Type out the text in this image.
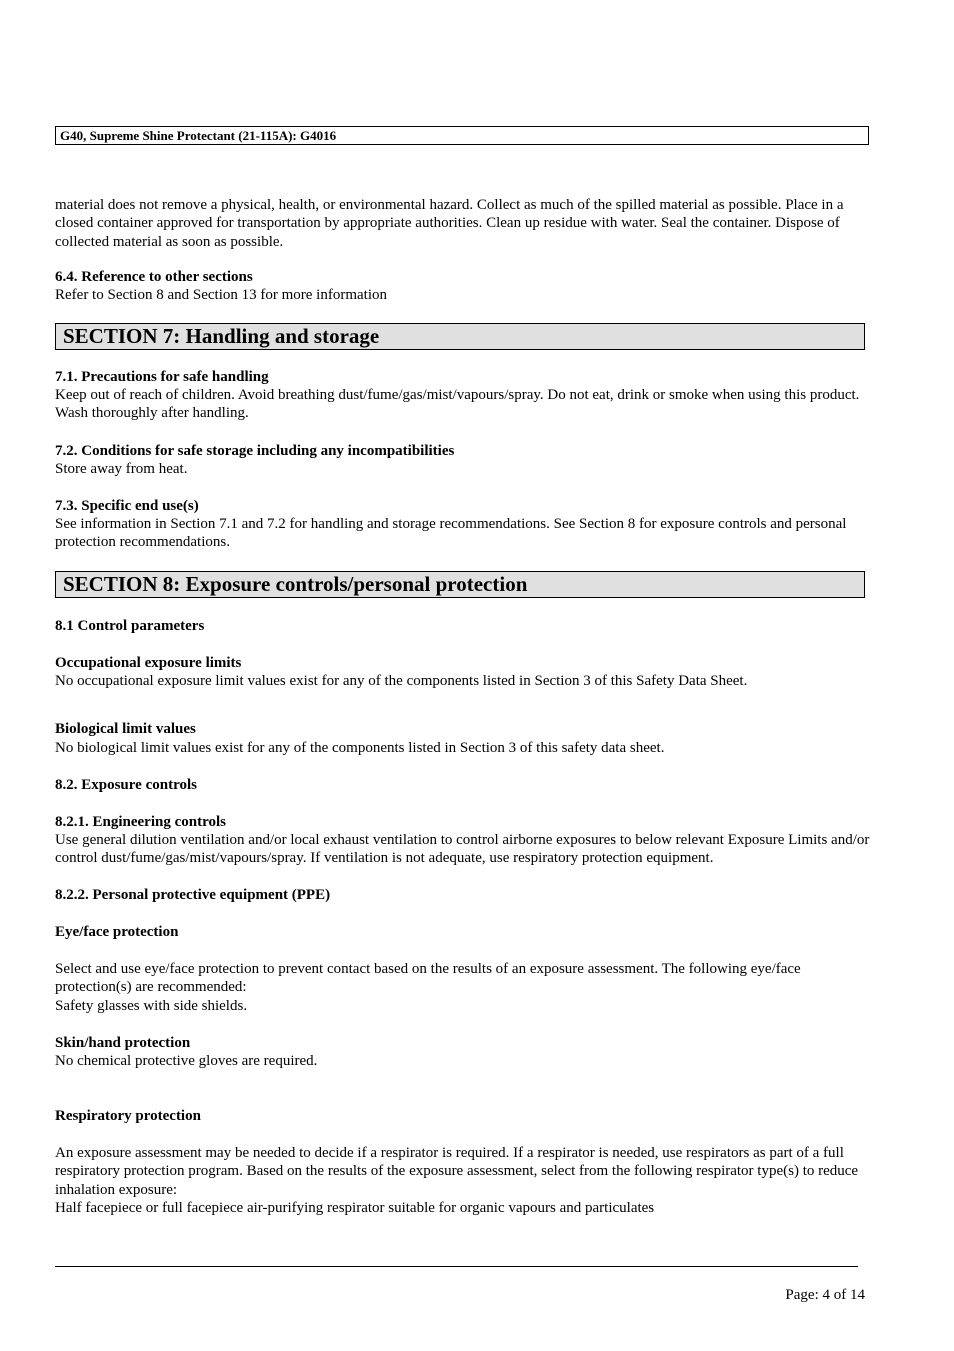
G40, Supreme Shine Protectant (21-115A): G4016

material does not remove a physical, health, or environmental hazard. Collect as much of the spilled material as possible. Place in a closed container approved for transportation by appropriate authorities. Clean up residue with water. Seal the container. Dispose of collected material as soon as possible.

6.4. Reference to other sections

Refer to Section 8 and Section 13 for more information

SECTION 7: Handling and storage

7.1. Precautions for safe handling

Keep out of reach of children. Avoid breathing dust/fume/gas/mist/vapours/spray. Do not eat, drink or smoke when using this product. Wash thoroughly after handling.

7.2. Conditions for safe storage including any incompatibilities

Store away from heat.

7.3. Specific end use(s)

See information in Section 7.1 and 7.2 for handling and storage recommendations. See Section 8 for exposure controls and personal protection recommendations.

SECTION 8: Exposure controls/personal protection

8.1 Control parameters

Occupational exposure limits

No occupational exposure limit values exist for any of the components listed in Section 3 of this Safety Data Sheet.

Biological limit values

No biological limit values exist for any of the components listed in Section 3 of this safety data sheet.

8.2. Exposure controls

8.2.1. Engineering controls

Use general dilution ventilation and/or local exhaust ventilation to control airborne exposures to below relevant Exposure Limits and/or control dust/fume/gas/mist/vapours/spray. If ventilation is not adequate, use respiratory protection equipment.

8.2.2. Personal protective equipment (PPE)

Eye/face protection

Select and use eye/face protection to prevent contact based on the results of an exposure assessment. The following eye/face protection(s) are recommended:

Safety glasses with side shields.

Skin/hand protection

No chemical protective gloves are required.

Respiratory protection

An exposure assessment may be needed to decide if a respirator is required. If a respirator is needed, use respirators as part of a full respiratory protection program. Based on the results of the exposure assessment, select from the following respirator type(s) to reduce inhalation exposure:

Half facepiece or full facepiece air-purifying respirator suitable for organic vapours and particulates

Page: 4 of 14
